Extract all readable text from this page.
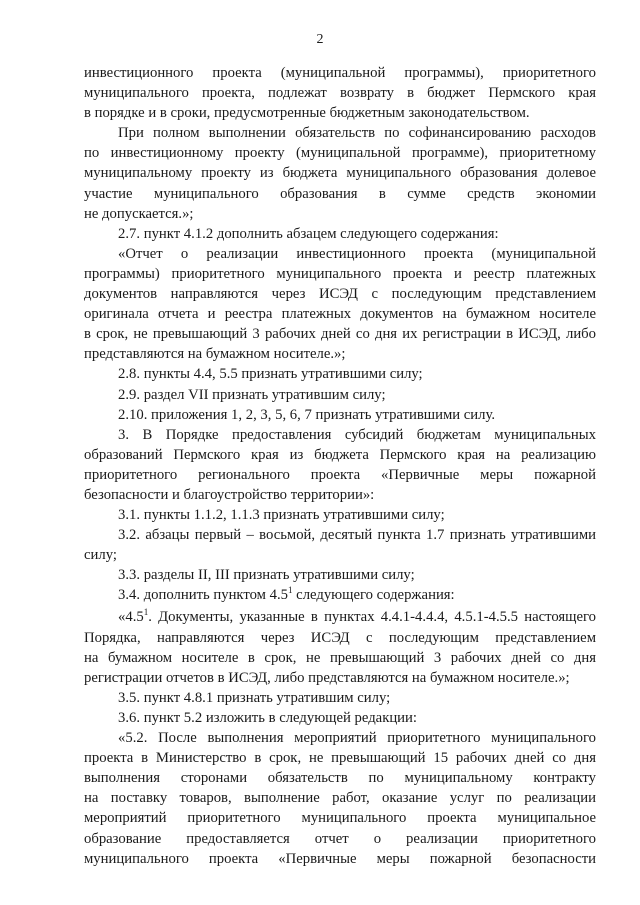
2
инвестиционного проекта (муниципальной программы), приоритетного
муниципального проекта, подлежат возврату в бюджет Пермского края
в порядке и в сроки, предусмотренные бюджетным законодательством.
При полном выполнении обязательств по софинансированию расходов
по инвестиционному проекту (муниципальной программе), приоритетному
муниципальному проекту из бюджета муниципального образования долевое
участие муниципального образования в сумме средств экономии
не допускается.»;
2.7. пункт 4.1.2 дополнить абзацем следующего содержания:
«Отчет о реализации инвестиционного проекта (муниципальной
программы) приоритетного муниципального проекта и реестр платежных
документов направляются через ИСЭД с последующим представлением
оригинала отчета и реестра платежных документов на бумажном носителе
в срок, не превышающий 3 рабочих дней со дня их регистрации в ИСЭД, либо
представляются на бумажном носителе.»;
2.8. пункты 4.4, 5.5 признать утратившими силу;
2.9. раздел VII признать утратившим силу;
2.10. приложения 1, 2, 3, 5, 6, 7 признать утратившими силу.
3. В Порядке предоставления субсидий бюджетам муниципальных
образований Пермского края из бюджета Пермского края на реализацию
приоритетного регионального проекта «Первичные меры пожарной
безопасности и благоустройство территории»:
3.1. пункты 1.1.2, 1.1.3 признать утратившими силу;
3.2. абзацы первый – восьмой, десятый пункта 1.7 признать утратившими
силу;
3.3. разделы II, III признать утратившими силу;
3.4. дополнить пунктом $4.5^1$ следующего содержания:
«$4.5^1$. Документы, указанные в пунктах 4.4.1-4.4.4, 4.5.1-4.5.5 настоящего
Порядка, направляются через ИСЭД с последующим представлением
на бумажном носителе в срок, не превышающий 3 рабочих дней со дня
регистрации отчетов в ИСЭД, либо представляются на бумажном носителе.»;
3.5. пункт 4.8.1 признать утратившим силу;
3.6. пункт 5.2 изложить в следующей редакции:
«5.2. После выполнения мероприятий приоритетного муниципального
проекта в Министерство в срок, не превышающий 15 рабочих дней со дня
выполнения сторонами обязательств по муниципальному контракту
на поставку товаров, выполнение работ, оказание услуг по реализации
мероприятий приоритетного муниципального проекта муниципальное
образование предоставляется отчет о реализации приоритетного
муниципального проекта «Первичные меры пожарной безопасности
